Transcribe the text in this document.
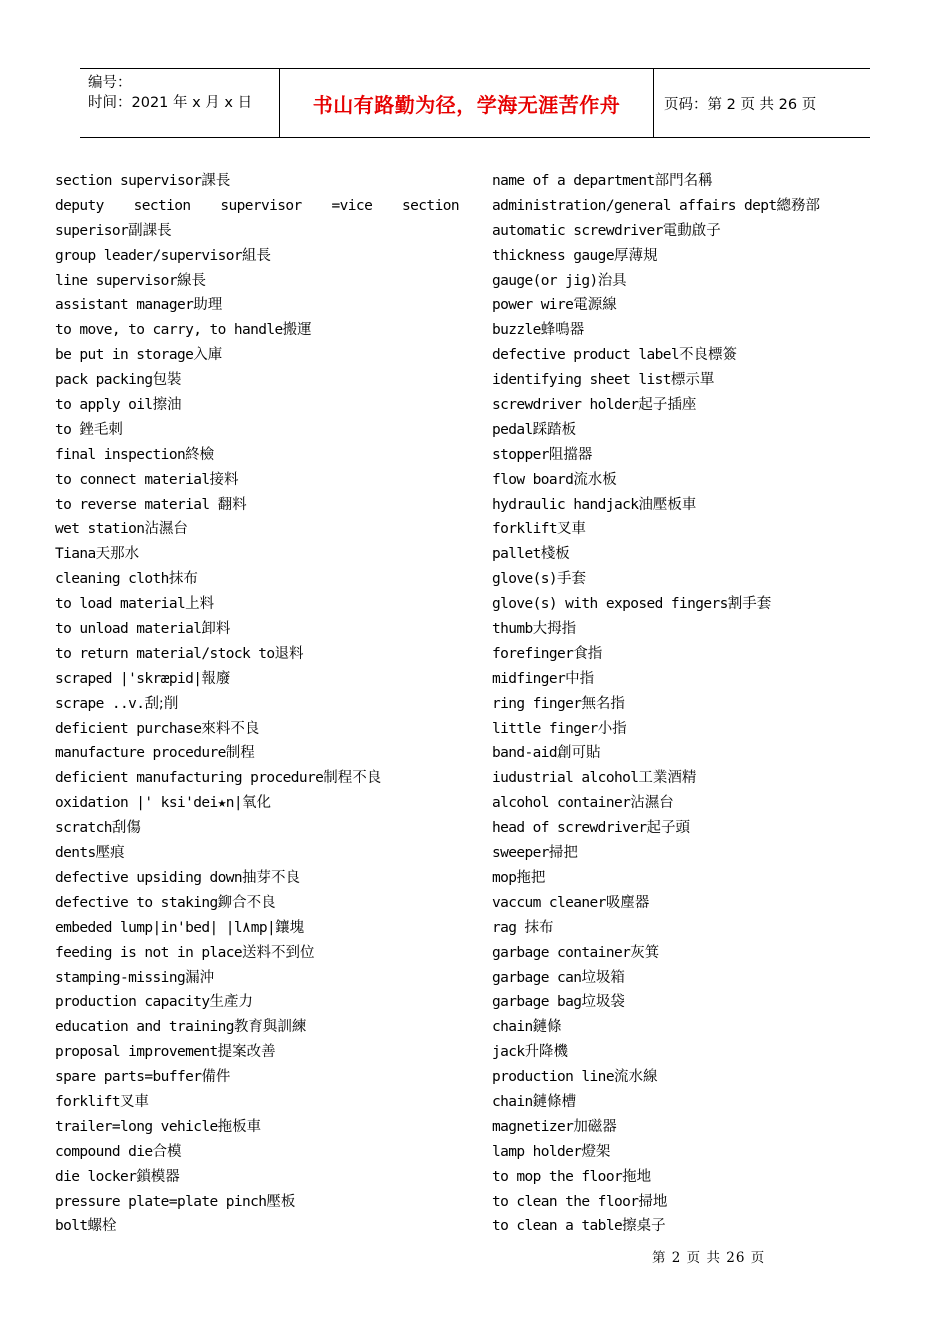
编号：
时间：2021 年 x 月 x 日	书山有路勤为径，学海无涯苦作舟	页码：第 2 页 共 26 页
section supervisor課長
deputy section supervisor =vice section
superisor副課長
group leader/supervisor組長
line supervisor線長
assistant manager助理
to move, to carry, to handle搬運
be put in storage入庫
pack packing包裝
to apply oil擦油
to 銼毛刺
final inspection終檢
to connect material接料
to reverse material 翻料
wet station沾濕台
Tiana天那水
cleaning cloth抹布
to load material上料
to unload material卸料
to return material/stock to退料
scraped |'skræpid|報廢
scrape ..v.刮;削
deficient purchase來料不良
manufacture procedure制程
deficient manufacturing procedure制程不良
oxidation |' ksi'dei★n|氧化
scratch刮傷
dents壓痕
defective upsiding down抽芽不良
defective to staking鉚合不良
embeded lump|in'bed| |l٨mp|鑲塊
feeding is not in place送料不到位
stamping-missing漏沖
production capacity生產力
education and training教育與訓練
proposal improvement提案改善
spare parts=buffer備件
forklift叉車
trailer=long vehicle拖板車
compound die合模
die locker鎖模器
pressure plate=plate pinch壓板
bolt螺栓
name of a department部門名稱
administration/general affairs dept總務部
automatic screwdriver電動啟子
thickness gauge厚薄規
gauge(or jig)治具
power wire電源線
buzzle蜂鳴器
defective product label不良標簽
identifying sheet list標示單
screwdriver holder起子插座
pedal踩踏板
stopper阻擋器
flow board流水板
hydraulic handjack油壓板車
forklift叉車
pallet棧板
glove(s)手套
glove(s) with exposed fingers割手套
thumb大拇指
forefinger食指
midfinger中指
ring finger無名指
little finger小指
band-aid創可貼
iudustrial alcohol工業酒精
alcohol container沾濕台
head of screwdriver起子頭
sweeper掃把
mop拖把
vaccum cleaner吸塵器
rag 抹布
garbage container灰箕
garbage can垃圾箱
garbage bag垃圾袋
chain鏈條
jack升降機
production line流水線
chain鏈條槽
magnetizer加磁器
lamp holder燈架
to mop the floor拖地
to clean the floor掃地
to clean a table擦桌子
第 2 页 共 26 页
